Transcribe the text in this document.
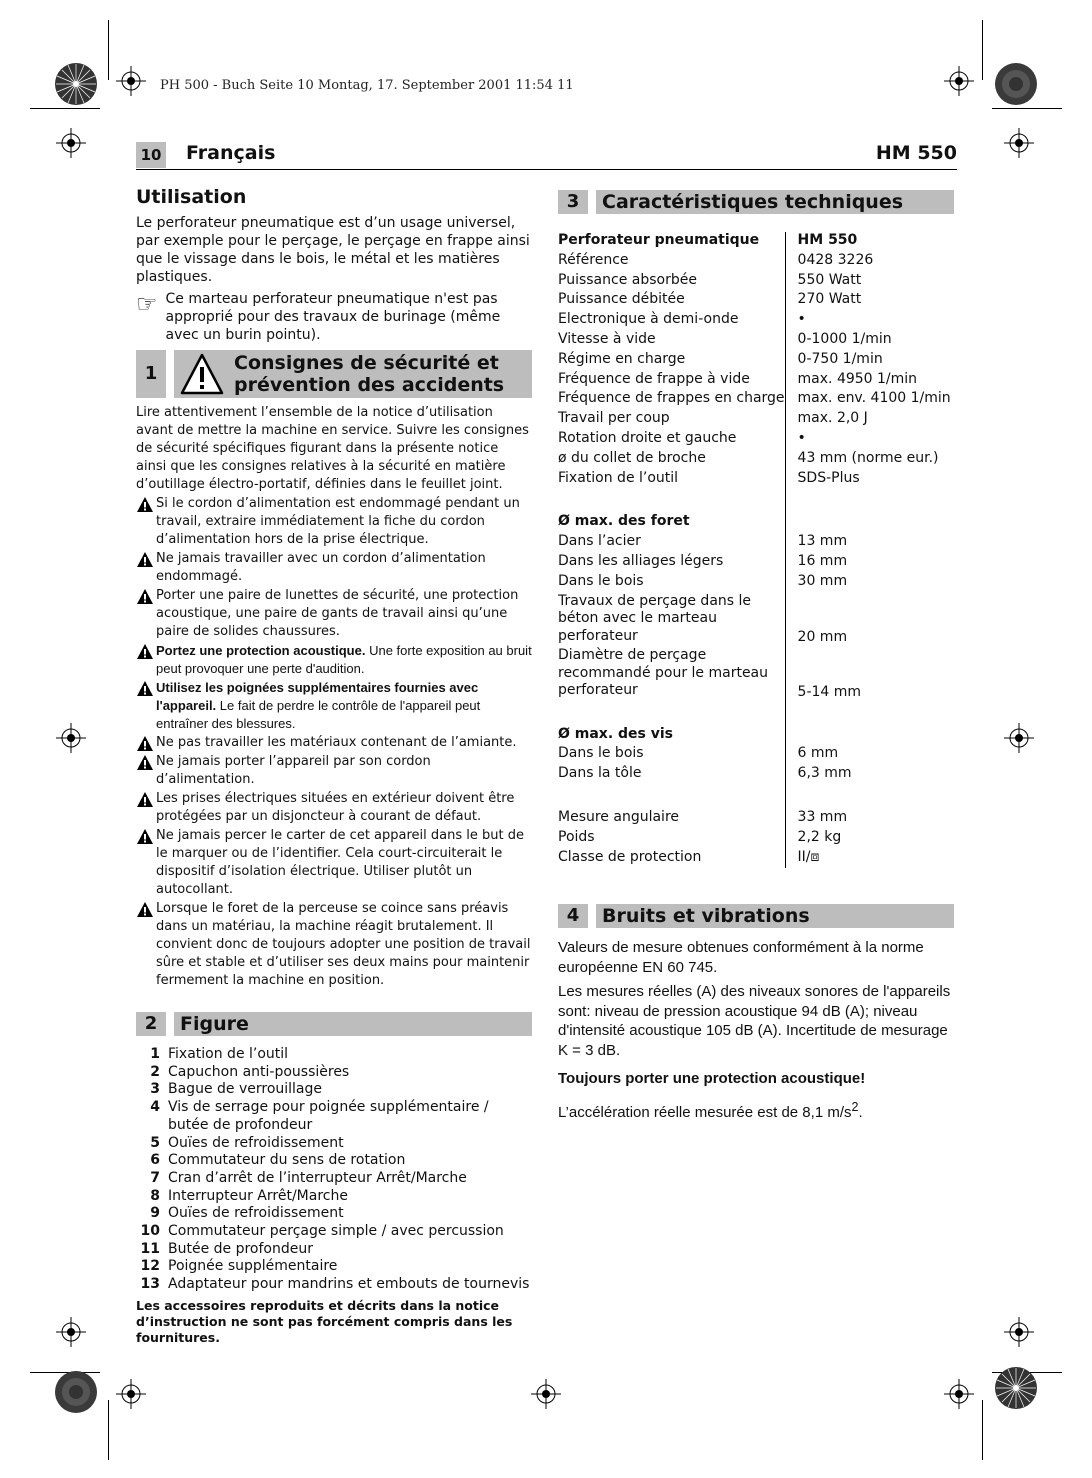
PH 500 - Buch Seite 10 Montag, 17. September 2001 11:54 11
10 Français	HM 550
Utilisation

Le perforateur pneumatique est d’un usage universel, par exemple pour le perçage, le perçage en frappe ainsi que le vissage dans le bois, le métal et les matières plastiques.

☞ Ce marteau perforateur pneumatique n'est pas approprié pour des travaux de burinage (même avec un burin pointu).

1	Consignes de sécurité et
prévention des accidents

Lire attentivement l’ensemble de la notice d’utilisation avant de mettre la machine en service. Suivre les consignes de sécurité spécifiques figurant dans la présente notice ainsi que les consignes relatives à la sécurité en matière d’outillage électro-portatif, définies dans le feuillet joint.

Si le cordon d’alimentation est endommagé pendant un travail, extraire immédiatement la fiche du cordon d’alimentation hors de la prise électrique.
Ne jamais travailler avec un cordon d’alimentation endommagé.
Porter une paire de lunettes de sécurité, une protection acoustique, une paire de gants de travail ainsi qu’une paire de solides chaussures.
Portez une protection acoustique. Une forte exposition au bruit peut provoquer une perte d'audition.
Utilisez les poignées supplémentaires fournies avec l'appareil. Le fait de perdre le contrôle de l'appareil peut entraîner des blessures.
Ne pas travailler les matériaux contenant de l’amiante.
Ne jamais porter l’appareil par son cordon d’alimentation.
Les prises électriques situées en extérieur doivent être protégées par un disjoncteur à courant de défaut.
Ne jamais percer le carter de cet appareil dans le but de le marquer ou de l’identifier. Cela court-circuiterait le dispositif d’isolation électrique. Utiliser plutôt un autocollant.
Lorsque le foret de la perceuse se coince sans préavis dans un matériau, la machine réagit brutalement. Il convient donc de toujours adopter une position de travail sûre et stable et d’utiliser ses deux mains pour maintenir fermement la machine en position.
2	Figure
1 Fixation de l’outil
2 Capuchon anti-poussières
3 Bague de verrouillage
4 Vis de serrage pour poignée supplémentaire / butée de profondeur
5 Ouïes de refroidissement
6 Commutateur du sens de rotation
7 Cran d’arrêt de l’interrupteur Arrêt/Marche
8 Interrupteur Arrêt/Marche
9 Ouïes de refroidissement
10 Commutateur perçage simple / avec percussion
11 Butée de profondeur
12 Poignée supplémentaire
13 Adaptateur pour mandrins et embouts de tournevis

Les accessoires reproduits et décrits dans la notice d’instruction ne sont pas forcément compris dans les fournitures.

3	Caractéristiques techniques
Perforateur pneumatique	HM 550
Référence	0428 3226
Puissance absorbée	550 Watt
Puissance débitée	270 Watt
Electronique à demi-onde	•
Vitesse à vide	0-1000 1/min
Régime en charge	0-750 1/min
Fréquence de frappe à vide	max. 4950 1/min
Fréquence de frappes en charge	max. env. 4100 1/min
Travail per coup	max. 2,0 J
Rotation droite et gauche	•
ø du collet de broche	43 mm (norme eur.)
Fixation de l’outil	SDS-Plus

Ø max. des foret	
Dans l’acier	13 mm
Dans les alliages légers	16 mm
Dans le bois	30 mm
Travaux de perçage dans le
béton avec le marteau
perforateur	20 mm
Diamètre de perçage
recommandé pour le marteau
perforateur	5-14 mm

Ø max. des vis	
Dans le bois	6 mm
Dans la tôle	6,3 mm

Mesure angulaire	33 mm
Poids	2,2 kg
Classe de protection	II/⧈
4	Bruits et vibrations

Valeurs de mesure obtenues conformément à la norme européenne EN 60 745.

Les mesures réelles (A) des niveaux sonores de l'appareils sont: niveau de pression acoustique 94 dB (A); niveau d'intensité acoustique 105 dB (A). Incertitude de mesurage K = 3 dB.

Toujours porter une protection acoustique!

L’accélération réelle mesurée est de 8,1 $m/s^2$.
